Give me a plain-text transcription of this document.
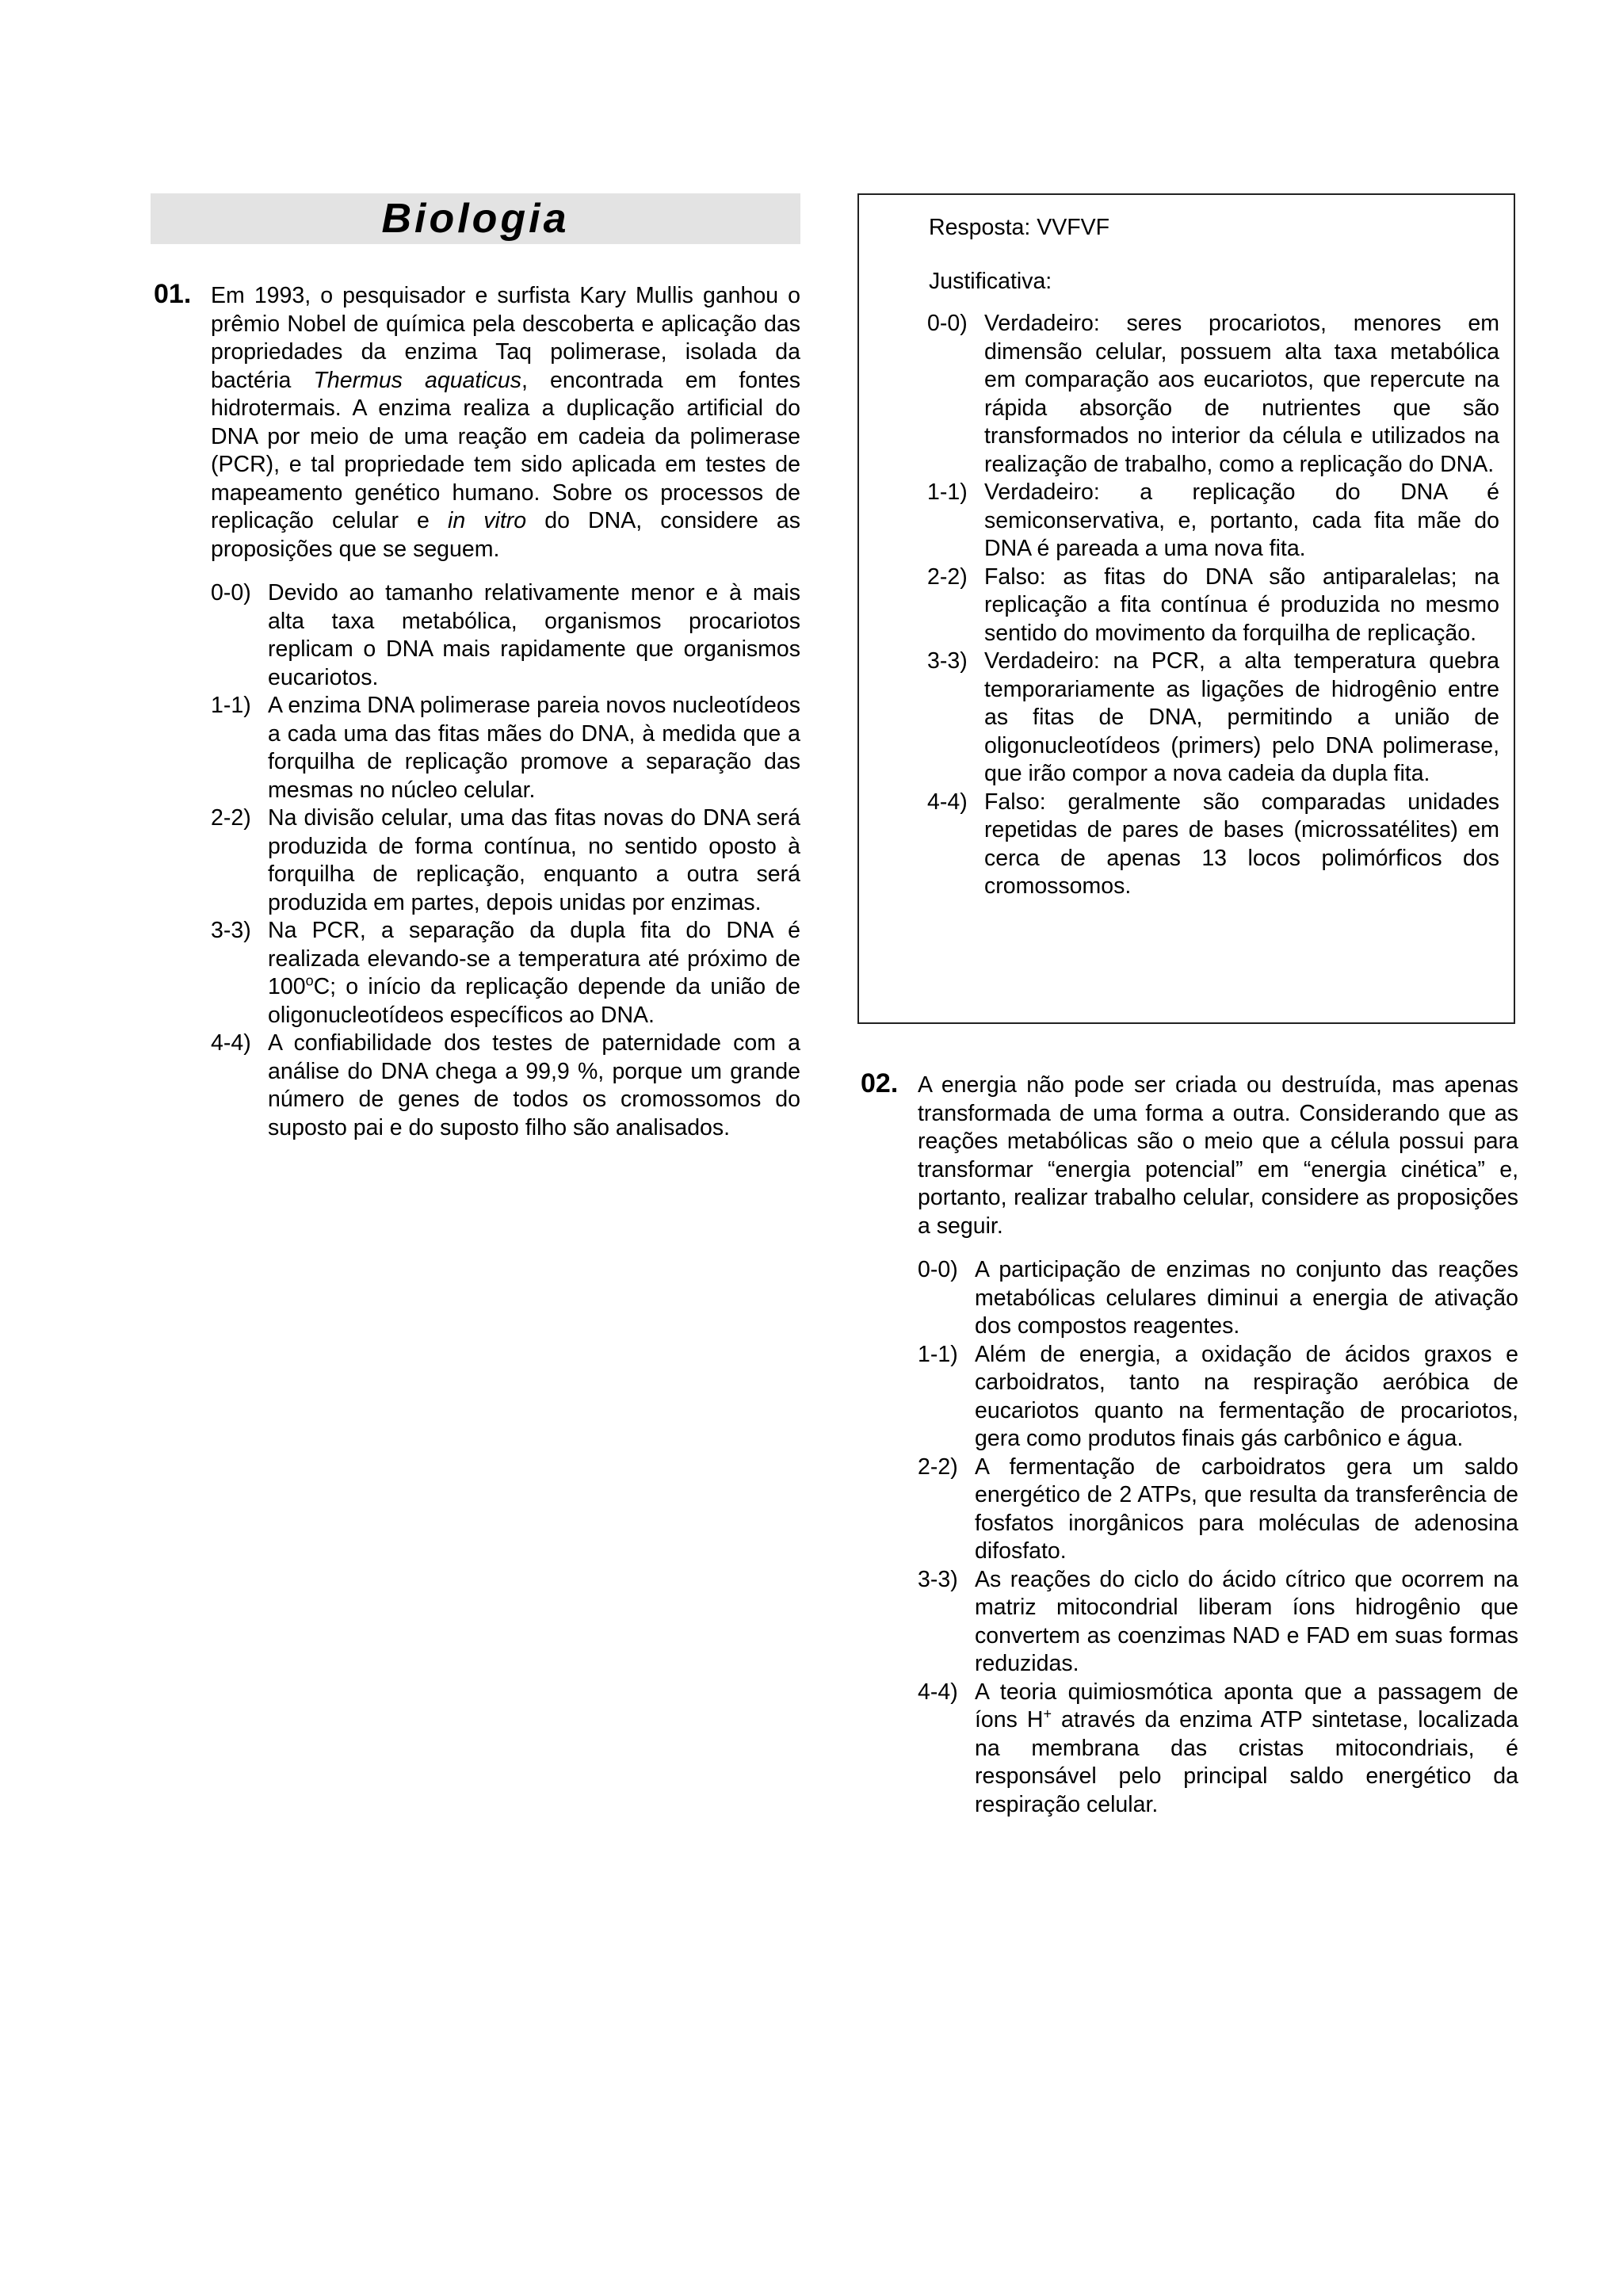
Biologia
01. Em 1993, o pesquisador e surfista Kary Mullis ganhou o prêmio Nobel de química pela descoberta e aplicação das propriedades da enzima Taq polimerase, isolada da bactéria Thermus aquaticus, encontrada em fontes hidrotermais. A enzima realiza a duplicação artificial do DNA por meio de uma reação em cadeia da polimerase (PCR), e tal propriedade tem sido aplicada em testes de mapeamento genético humano. Sobre os processos de replicação celular e in vitro do DNA, considere as proposições que se seguem.
0-0) Devido ao tamanho relativamente menor e à mais alta taxa metabólica, organismos procariotos replicam o DNA mais rapidamente que organismos eucariotos.
1-1) A enzima DNA polimerase pareia novos nucleotídeos a cada uma das fitas mães do DNA, à medida que a forquilha de replicação promove a separação das mesmas no núcleo celular.
2-2) Na divisão celular, uma das fitas novas do DNA será produzida de forma contínua, no sentido oposto à forquilha de replicação, enquanto a outra será produzida em partes, depois unidas por enzimas.
3-3) Na PCR, a separação da dupla fita do DNA é realizada elevando-se a temperatura até próximo de 100$^o$C; o início da replicação depende da união de oligonucleotídeos específicos ao DNA.
4-4) A confiabilidade dos testes de paternidade com a análise do DNA chega a 99,9 %, porque um grande número de genes de todos os cromossomos do suposto pai e do suposto filho são analisados.
Resposta: VVFVF
Justificativa:
0-0) Verdadeiro: seres procariotos, menores em dimensão celular, possuem alta taxa metabólica em comparação aos eucariotos, que repercute na rápida absorção de nutrientes que são transformados no interior da célula e utilizados na realização de trabalho, como a replicação do DNA.
1-1) Verdadeiro: a replicação do DNA é semiconservativa, e, portanto, cada fita mãe do DNA é pareada a uma nova fita.
2-2) Falso: as fitas do DNA são antiparalelas; na replicação a fita contínua é produzida no mesmo sentido do movimento da forquilha de replicação.
3-3) Verdadeiro: na PCR, a alta temperatura quebra temporariamente as ligações de hidrogênio entre as fitas de DNA, permitindo a união de oligonucleotídeos (primers) pelo DNA polimerase, que irão compor a nova cadeia da dupla fita.
4-4) Falso: geralmente são comparadas unidades repetidas de pares de bases (microssatélites) em cerca de apenas 13 locos polimórficos dos cromossomos.
02. A energia não pode ser criada ou destruída, mas apenas transformada de uma forma a outra. Considerando que as reações metabólicas são o meio que a célula possui para transformar “energia potencial” em “energia cinética” e, portanto, realizar trabalho celular, considere as proposições a seguir.
0-0) A participação de enzimas no conjunto das reações metabólicas celulares diminui a energia de ativação dos compostos reagentes.
1-1) Além de energia, a oxidação de ácidos graxos e carboidratos, tanto na respiração aeróbica de eucariotos quanto na fermentação de procariotos, gera como produtos finais gás carbônico e água.
2-2) A fermentação de carboidratos gera um saldo energético de 2 ATPs, que resulta da transferência de fosfatos inorgânicos para moléculas de adenosina difosfato.
3-3) As reações do ciclo do ácido cítrico que ocorrem na matriz mitocondrial liberam íons hidrogênio que convertem as coenzimas NAD e FAD em suas formas reduzidas.
4-4) A teoria quimiosmótica aponta que a passagem de íons H+ através da enzima ATP sintetase, localizada na membrana das cristas mitocondriais, é responsável pelo principal saldo energético da respiração celular.
